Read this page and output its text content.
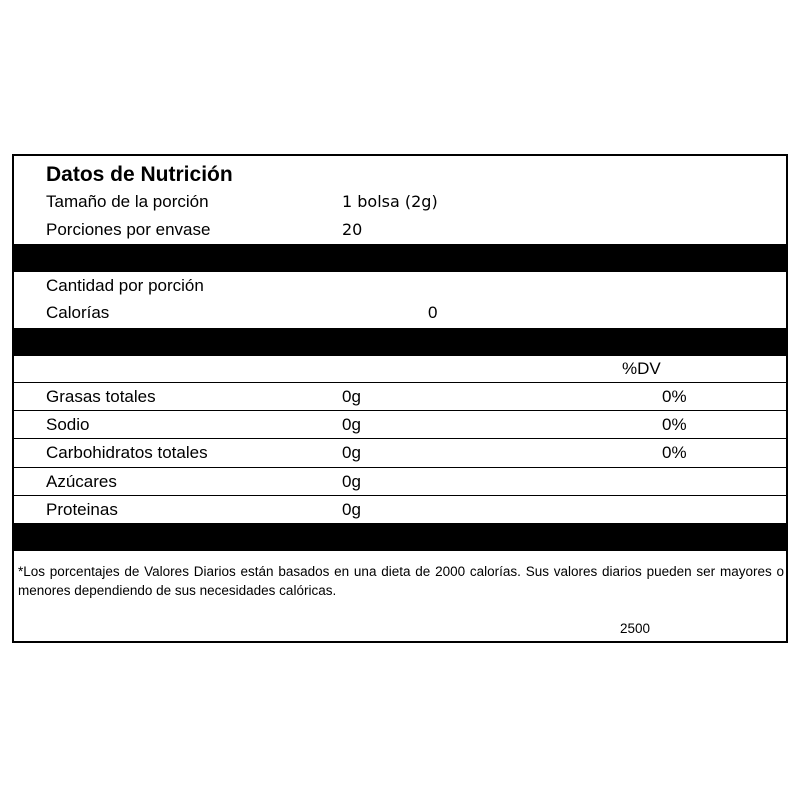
Datos de Nutrición
Tamaño de la porción	1 bolsa (2g)
Porciones por envase	20
Cantidad por porción
Calorías	0
%DV
Grasas totales	0g	0%
Sodio	0g	0%
Carbohidratos totales	0g	0%
Azúcares	0g
Proteinas	0g
*Los porcentajes de Valores Diarios están basados en una dieta de 2000 calorías. Sus valores diarios pueden ser mayores o menores dependiendo de sus necesidades calóricas.
2500
